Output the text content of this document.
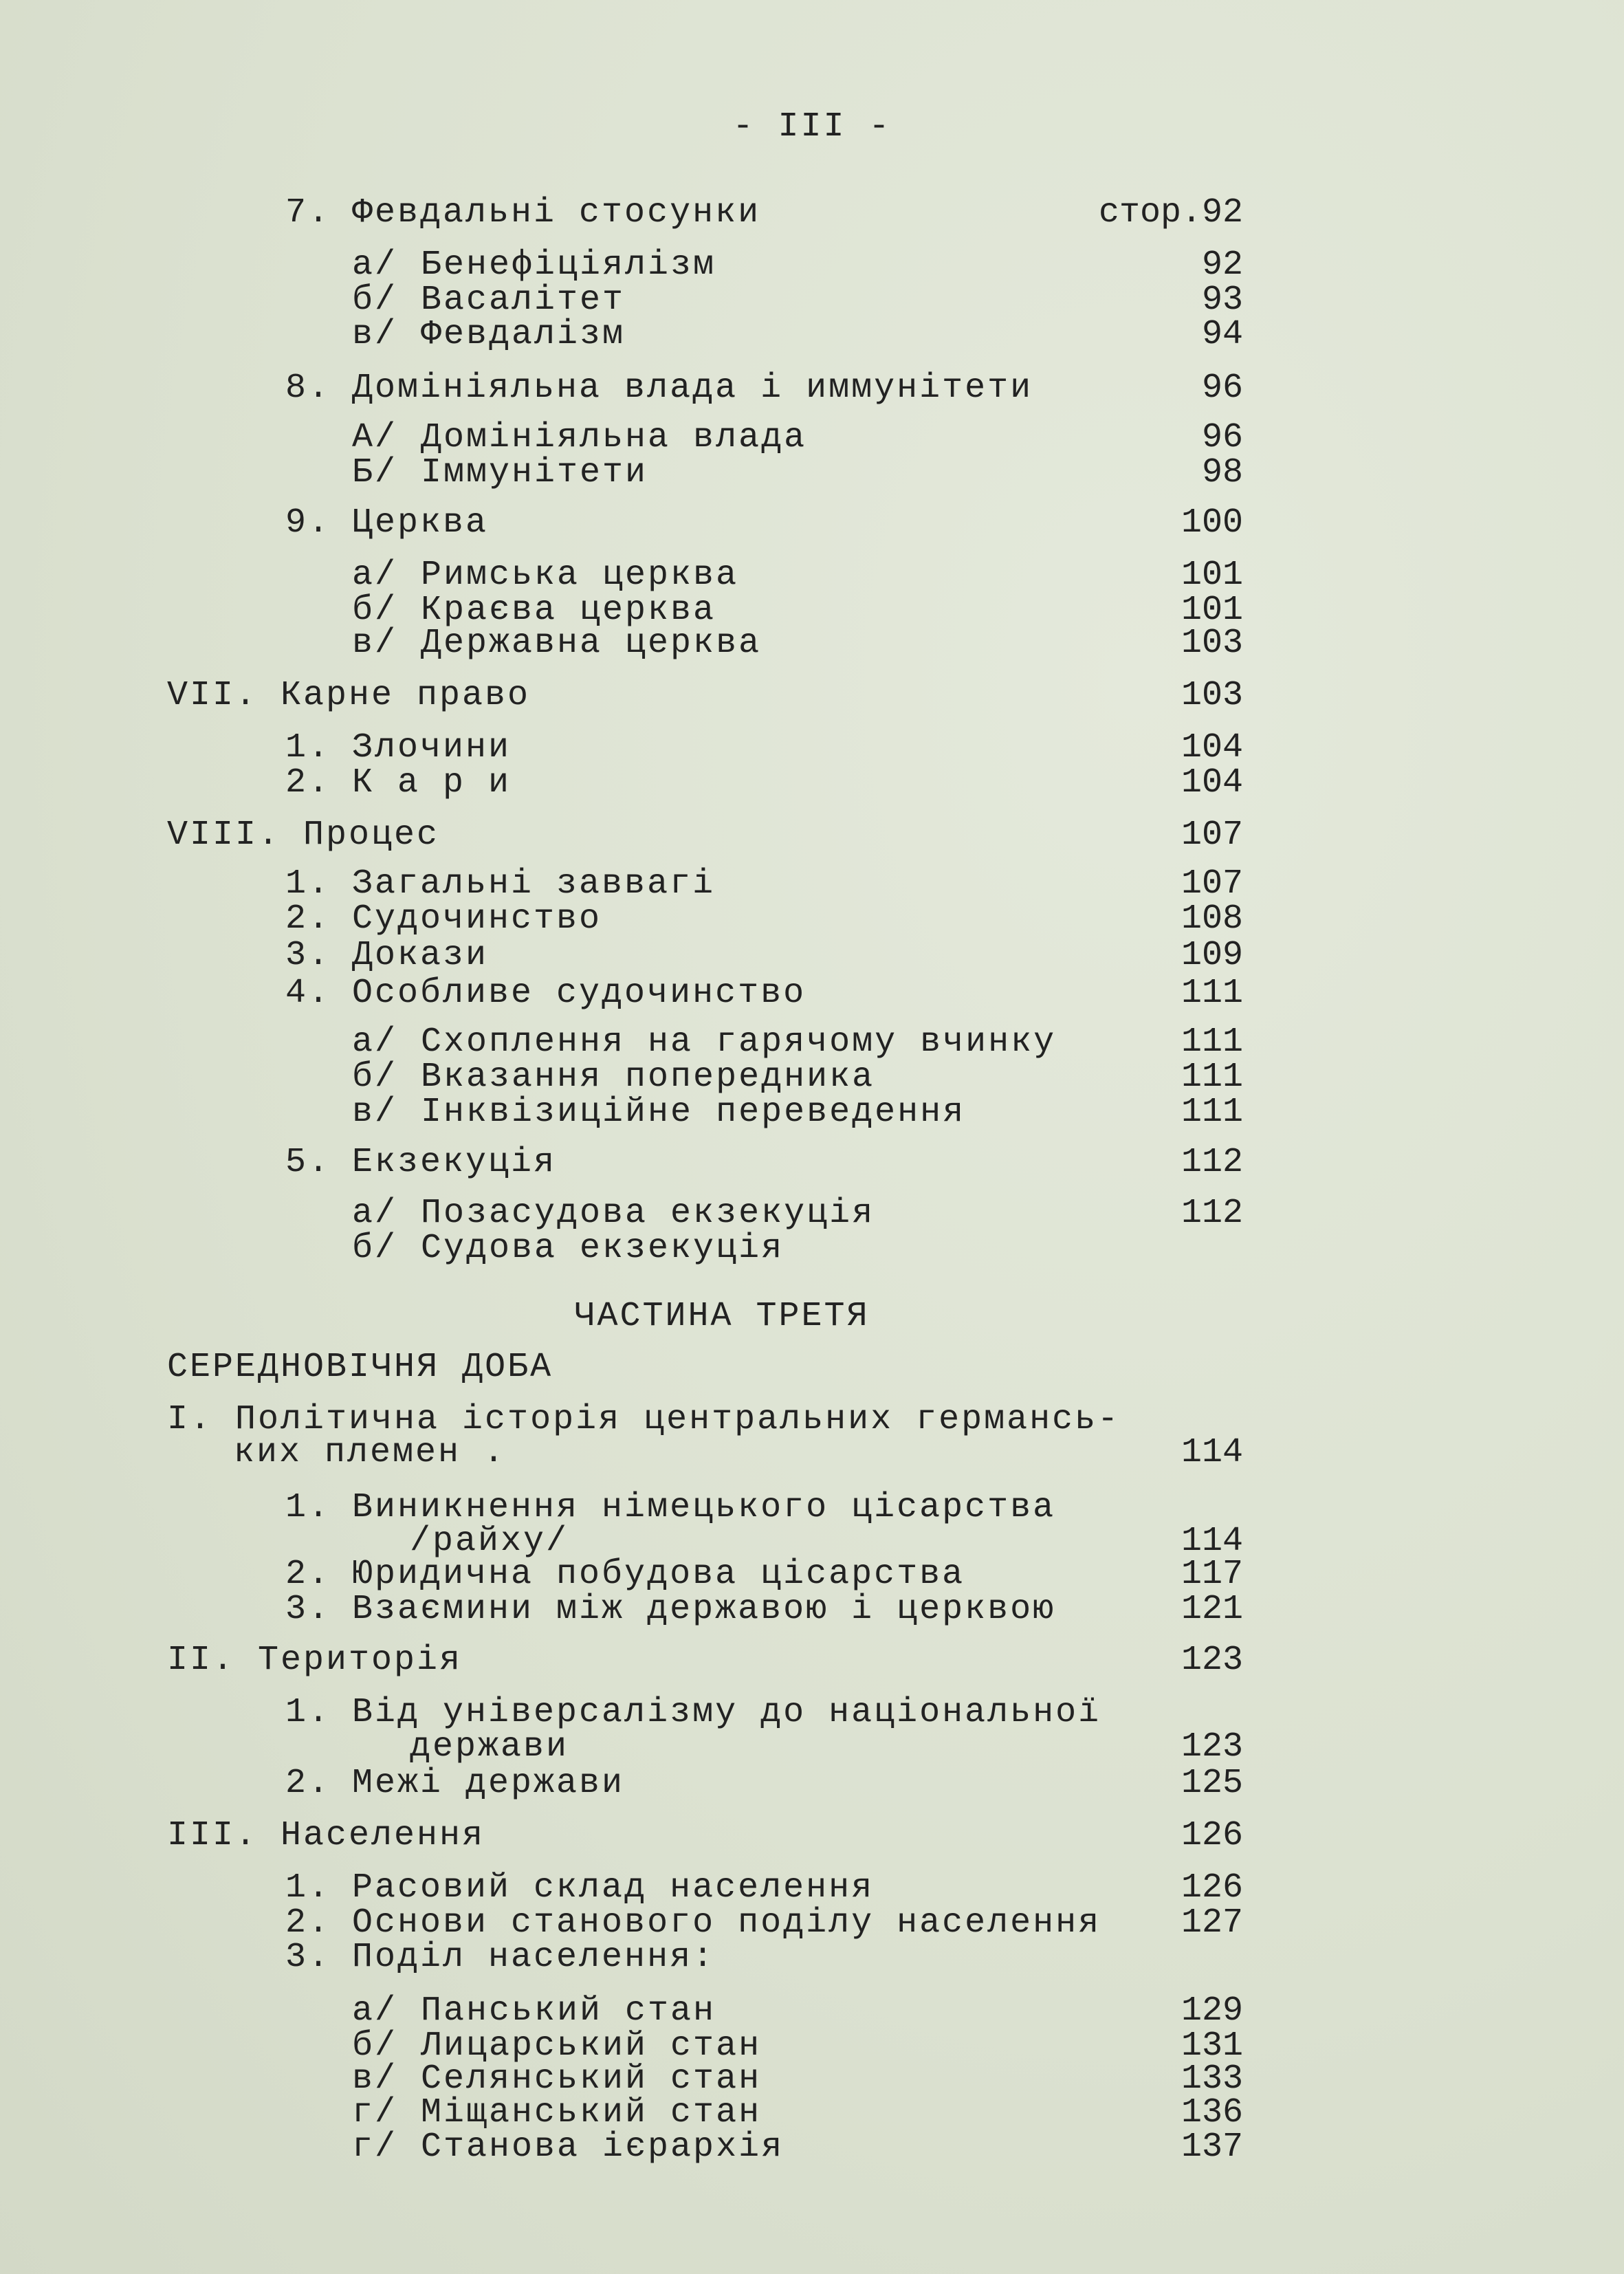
- III -
7. Февдальні стосунки	стор.92
а/ Бенефіціялізм	92
б/ Васалітет	93
в/ Февдалізм	94
8. Домініяльна влада і иммунітети	96
А/ Домініяльна влада	96
Б/ Іммунітети	98
9. Церква	100
а/ Римська церква	101
б/ Краєва церква	101
в/ Державна церква	103
VII. Карне право	103
1. Злочини	104
2. К а р и	104
VIII. Процес	107
1. Загальні заввагі	107
2. Судочинство	108
3. Докази	109
4. Особливе судочинство	111
а/ Схоплення на гарячому вчинку	111
б/ Вказання попередника	111
в/ Інквізиційне переведення	111
5. Екзекуція	112
а/ Позасудова екзекуція	112
б/ Судова екзекуція
ЧАСТИНА ТРЕТЯ
СЕРЕДНОВІЧНЯ ДОБА
І. Політична історія центральних германсь-
ких племен .	114
1. Виникнення німецького цісарства
/райху/	114
2. Юридична побудова цісарства	117
3. Взаємини між державою і церквою	121
II. Територія	123
1. Від універсалізму до національної
держави	123
2. Межі держави	125
III. Населення	126
1. Расовий склад населення	126
2. Основи станового поділу населення 127
3. Поділ населення:
а/ Панський стан	129
б/ Лицарський стан	131
в/ Селянський стан	133
г/ Міщанський стан	136
г/ Станова ієрархія	137
